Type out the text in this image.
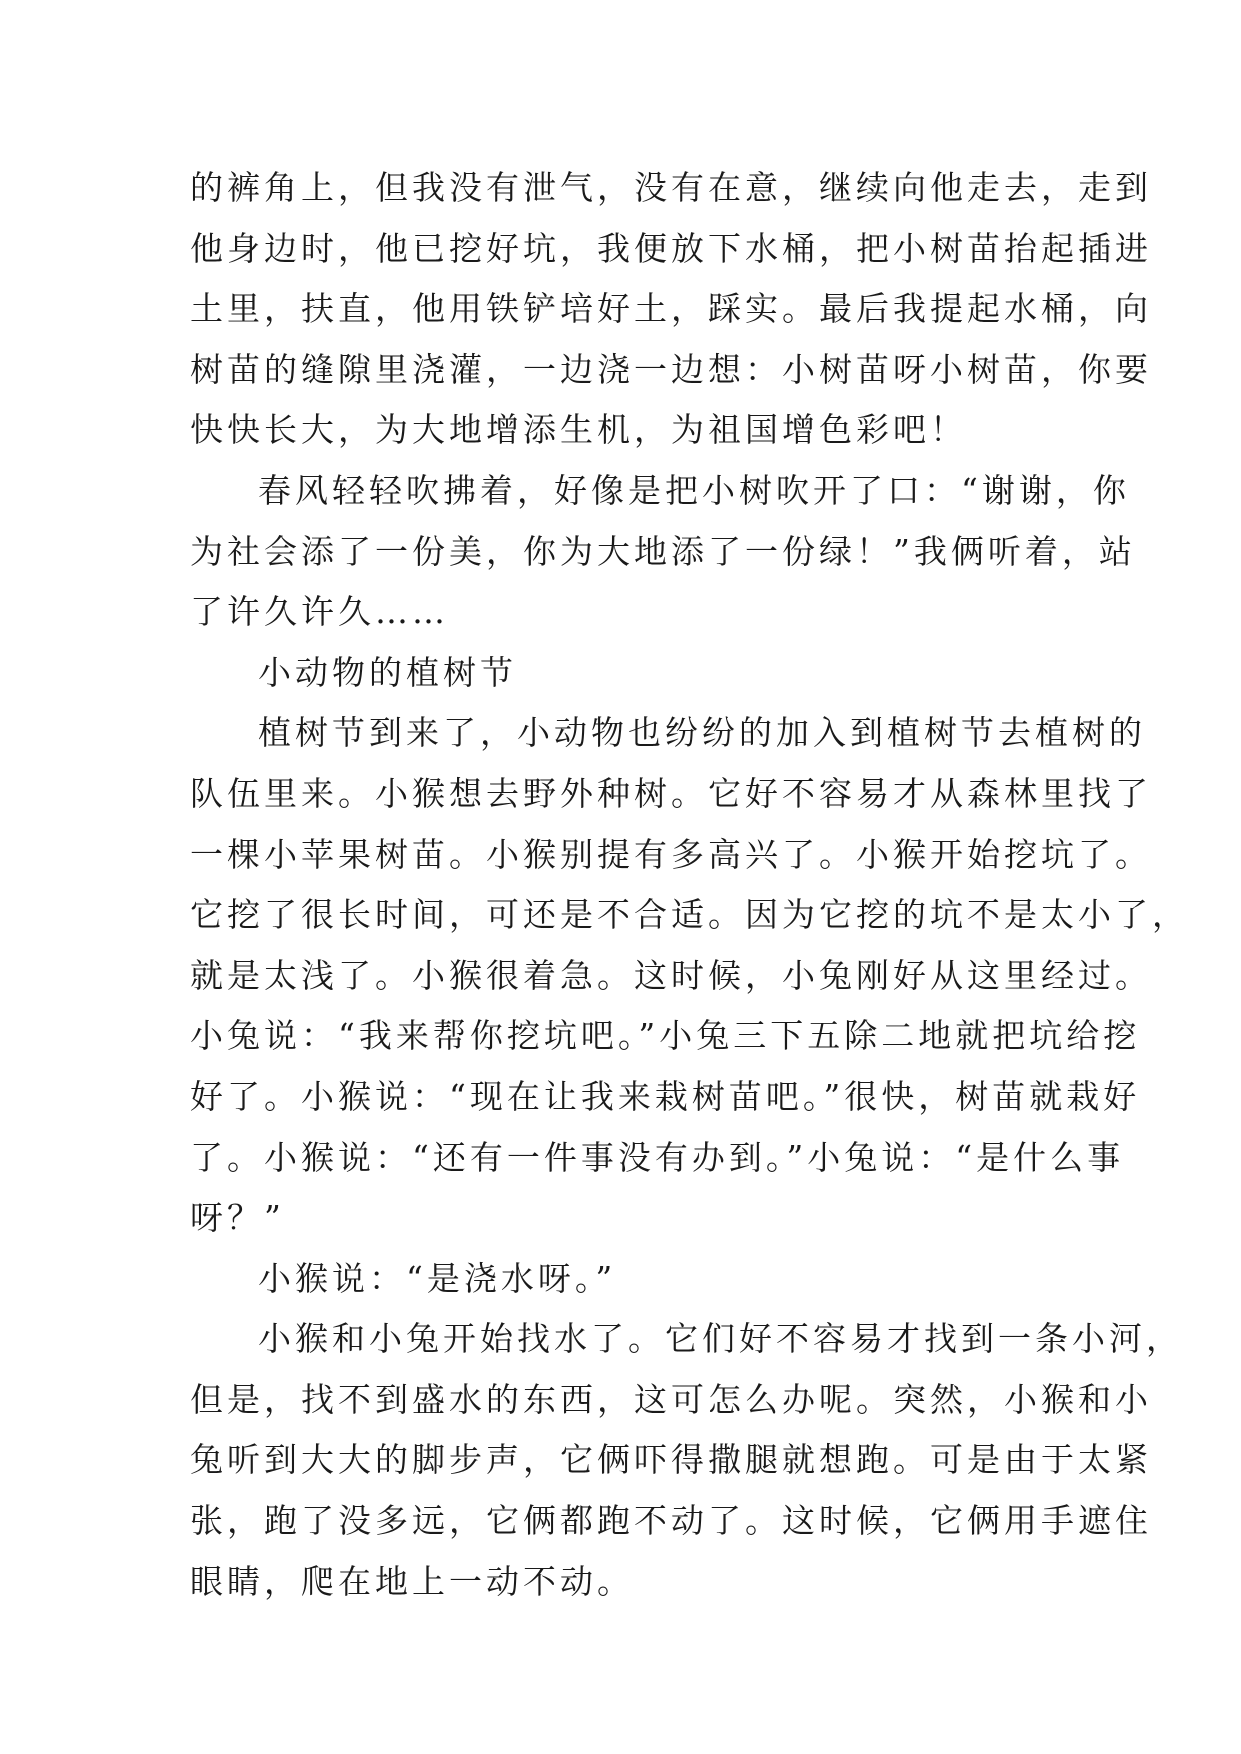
的裤角上，但我没有泄气，没有在意，继续向他走去，走到
他身边时，他已挖好坑，我便放下水桶，把小树苗抬起插进
土里，扶直，他用铁铲培好土，踩实。最后我提起水桶，向
树苗的缝隙里浇灌，一边浇一边想：小树苗呀小树苗，你要
快快长大，为大地增添生机，为祖国增色彩吧！
春风轻轻吹拂着，好像是把小树吹开了口：“谢谢，你
为社会添了一份美，你为大地添了一份绿！”我俩听着，站
了许久许久……
小动物的植树节
植树节到来了，小动物也纷纷的加入到植树节去植树的
队伍里来。小猴想去野外种树。它好不容易才从森林里找了
一棵小苹果树苗。小猴别提有多高兴了。小猴开始挖坑了。
它挖了很长时间，可还是不合适。因为它挖的坑不是太小了，
就是太浅了。小猴很着急。这时候，小兔刚好从这里经过。
小兔说：“我来帮你挖坑吧。”小兔三下五除二地就把坑给挖
好了。小猴说：“现在让我来栽树苗吧。”很快，树苗就栽好
了。小猴说：“还有一件事没有办到。”小兔说：“是什么事
呀？”
小猴说：“是浇水呀。”
小猴和小兔开始找水了。它们好不容易才找到一条小河，
但是，找不到盛水的东西，这可怎么办呢。突然，小猴和小
兔听到大大的脚步声，它俩吓得撒腿就想跑。可是由于太紧
张，跑了没多远，它俩都跑不动了。这时候，它俩用手遮住
眼睛，爬在地上一动不动。
